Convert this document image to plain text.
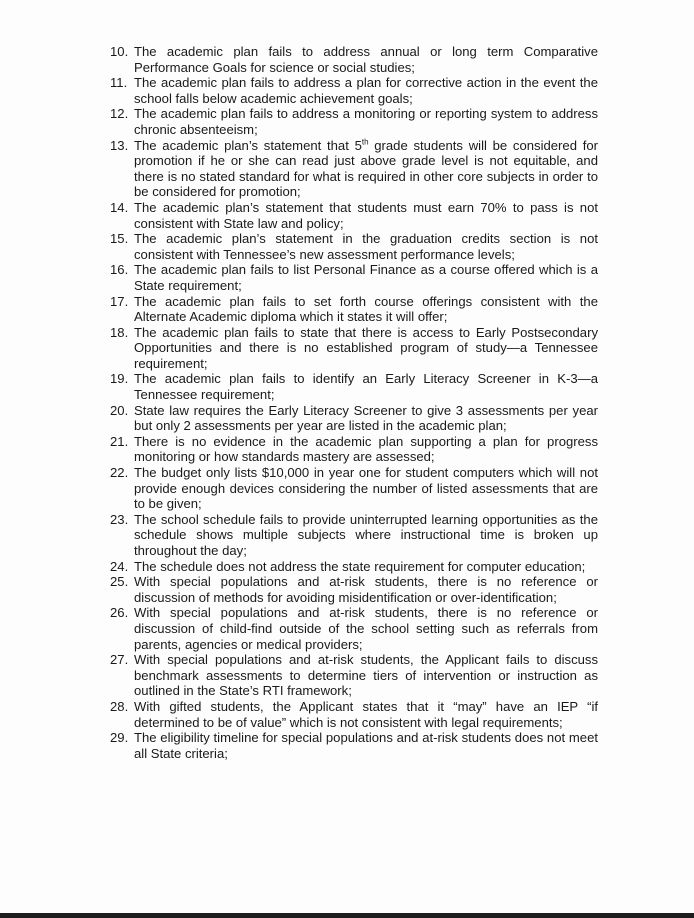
10. The academic plan fails to address annual or long term Comparative Performance Goals for science or social studies;
11. The academic plan fails to address a plan for corrective action in the event the school falls below academic achievement goals;
12. The academic plan fails to address a monitoring or reporting system to address chronic absenteeism;
13. The academic plan’s statement that 5th grade students will be considered for promotion if he or she can read just above grade level is not equitable, and there is no stated standard for what is required in other core subjects in order to be considered for promotion;
14. The academic plan’s statement that students must earn 70% to pass is not consistent with State law and policy;
15. The academic plan’s statement in the graduation credits section is not consistent with Tennessee’s new assessment performance levels;
16. The academic plan fails to list Personal Finance as a course offered which is a State requirement;
17. The academic plan fails to set forth course offerings consistent with the Alternate Academic diploma which it states it will offer;
18. The academic plan fails to state that there is access to Early Postsecondary Opportunities and there is no established program of study—a Tennessee requirement;
19. The academic plan fails to identify an Early Literacy Screener in K-3—a Tennessee requirement;
20. State law requires the Early Literacy Screener to give 3 assessments per year but only 2 assessments per year are listed in the academic plan;
21. There is no evidence in the academic plan supporting a plan for progress monitoring or how standards mastery are assessed;
22. The budget only lists $10,000 in year one for student computers which will not provide enough devices considering the number of listed assessments that are to be given;
23. The school schedule fails to provide uninterrupted learning opportunities as the schedule shows multiple subjects where instructional time is broken up throughout the day;
24. The schedule does not address the state requirement for computer education;
25. With special populations and at-risk students, there is no reference or discussion of methods for avoiding misidentification or over-identification;
26. With special populations and at-risk students, there is no reference or discussion of child-find outside of the school setting such as referrals from parents, agencies or medical providers;
27. With special populations and at-risk students, the Applicant fails to discuss benchmark assessments to determine tiers of intervention or instruction as outlined in the State’s RTI framework;
28. With gifted students, the Applicant states that it “may” have an IEP “if determined to be of value” which is not consistent with legal requirements;
29. The eligibility timeline for special populations and at-risk students does not meet all State criteria;
